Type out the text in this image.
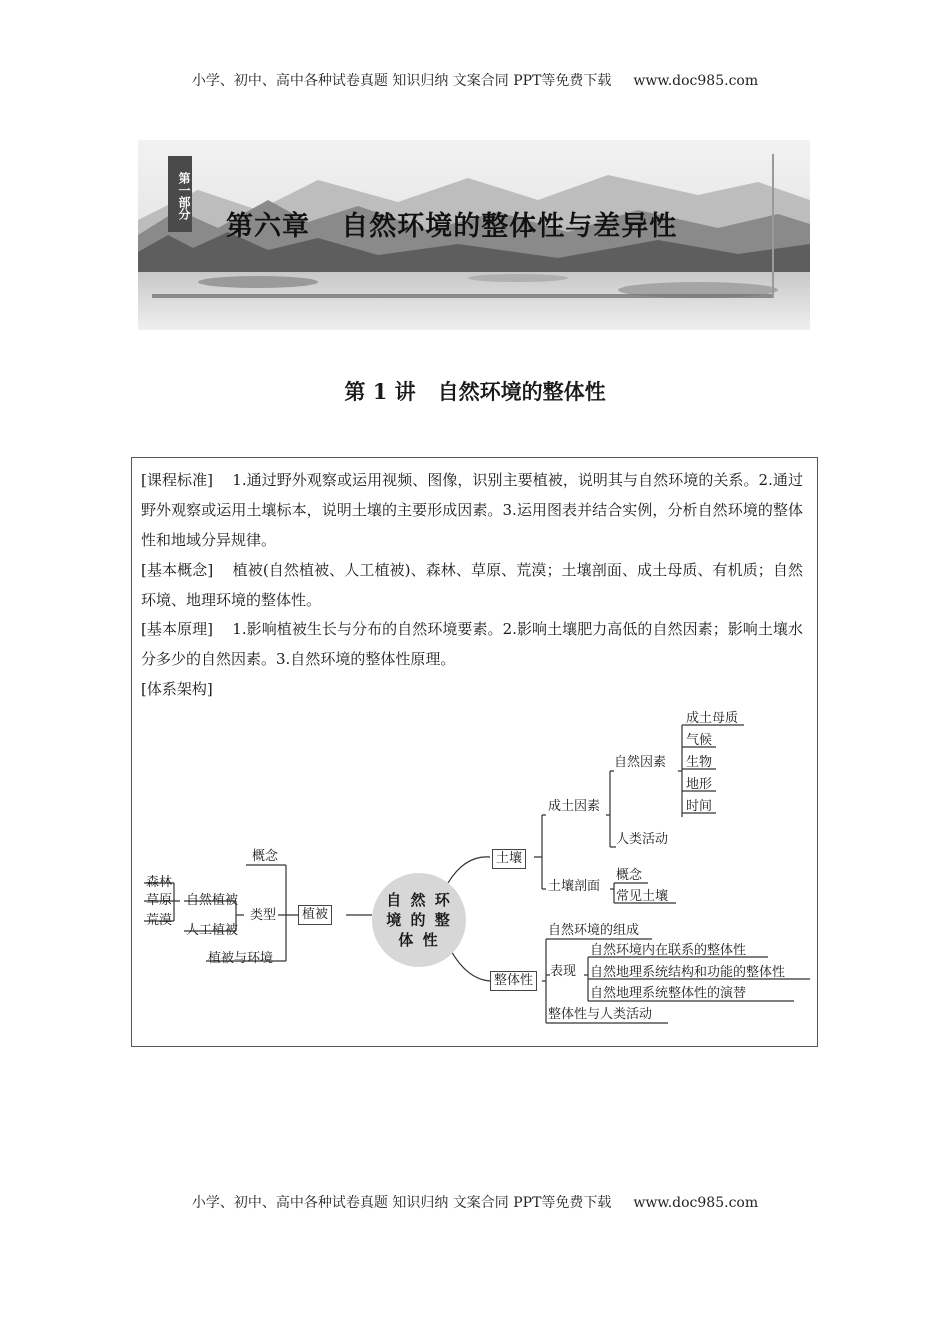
小学、初中、高中各种试卷真题 知识归纳 文案合同 PPT等免费下载 www.doc985.com
第一部分
第六章   自然环境的整体性与差异性
第 1 讲   自然环境的整体性
[课程标准] 1.通过野外观察或运用视频、图像，识别主要植被，说明其与自然环境的关系。2.通过野外观察或运用土壤标本，说明土壤的主要形成因素。3.运用图表并结合实例，分析自然环境的整体性和地域分异规律。
[基本概念] 植被(自然植被、人工植被)、森林、草原、荒漠；土壤剖面、成土母质、有机质；自然环境、地理环境的整体性。
[基本原理] 1.影响植被生长与分布的自然环境要素。2.影响土壤肥力高低的自然因素；影响土壤水分多少的自然因素。3.自然环境的整体性原理。
[体系架构]
自 然 环
境 的 整
体 性
植被
概念
类型
自然植被
人工植被
植被与环境
森林
草原
荒漠
土壤
成土因素
自然因素
成土母质
气候
生物
地形
时间
人类活动
土壤剖面
概念
常见土壤
整体性
自然环境的组成
表现
自然环境内在联系的整体性
自然地理系统结构和功能的整体性
自然地理系统整体性的演替
整体性与人类活动
小学、初中、高中各种试卷真题 知识归纳 文案合同 PPT等免费下载 www.doc985.com
